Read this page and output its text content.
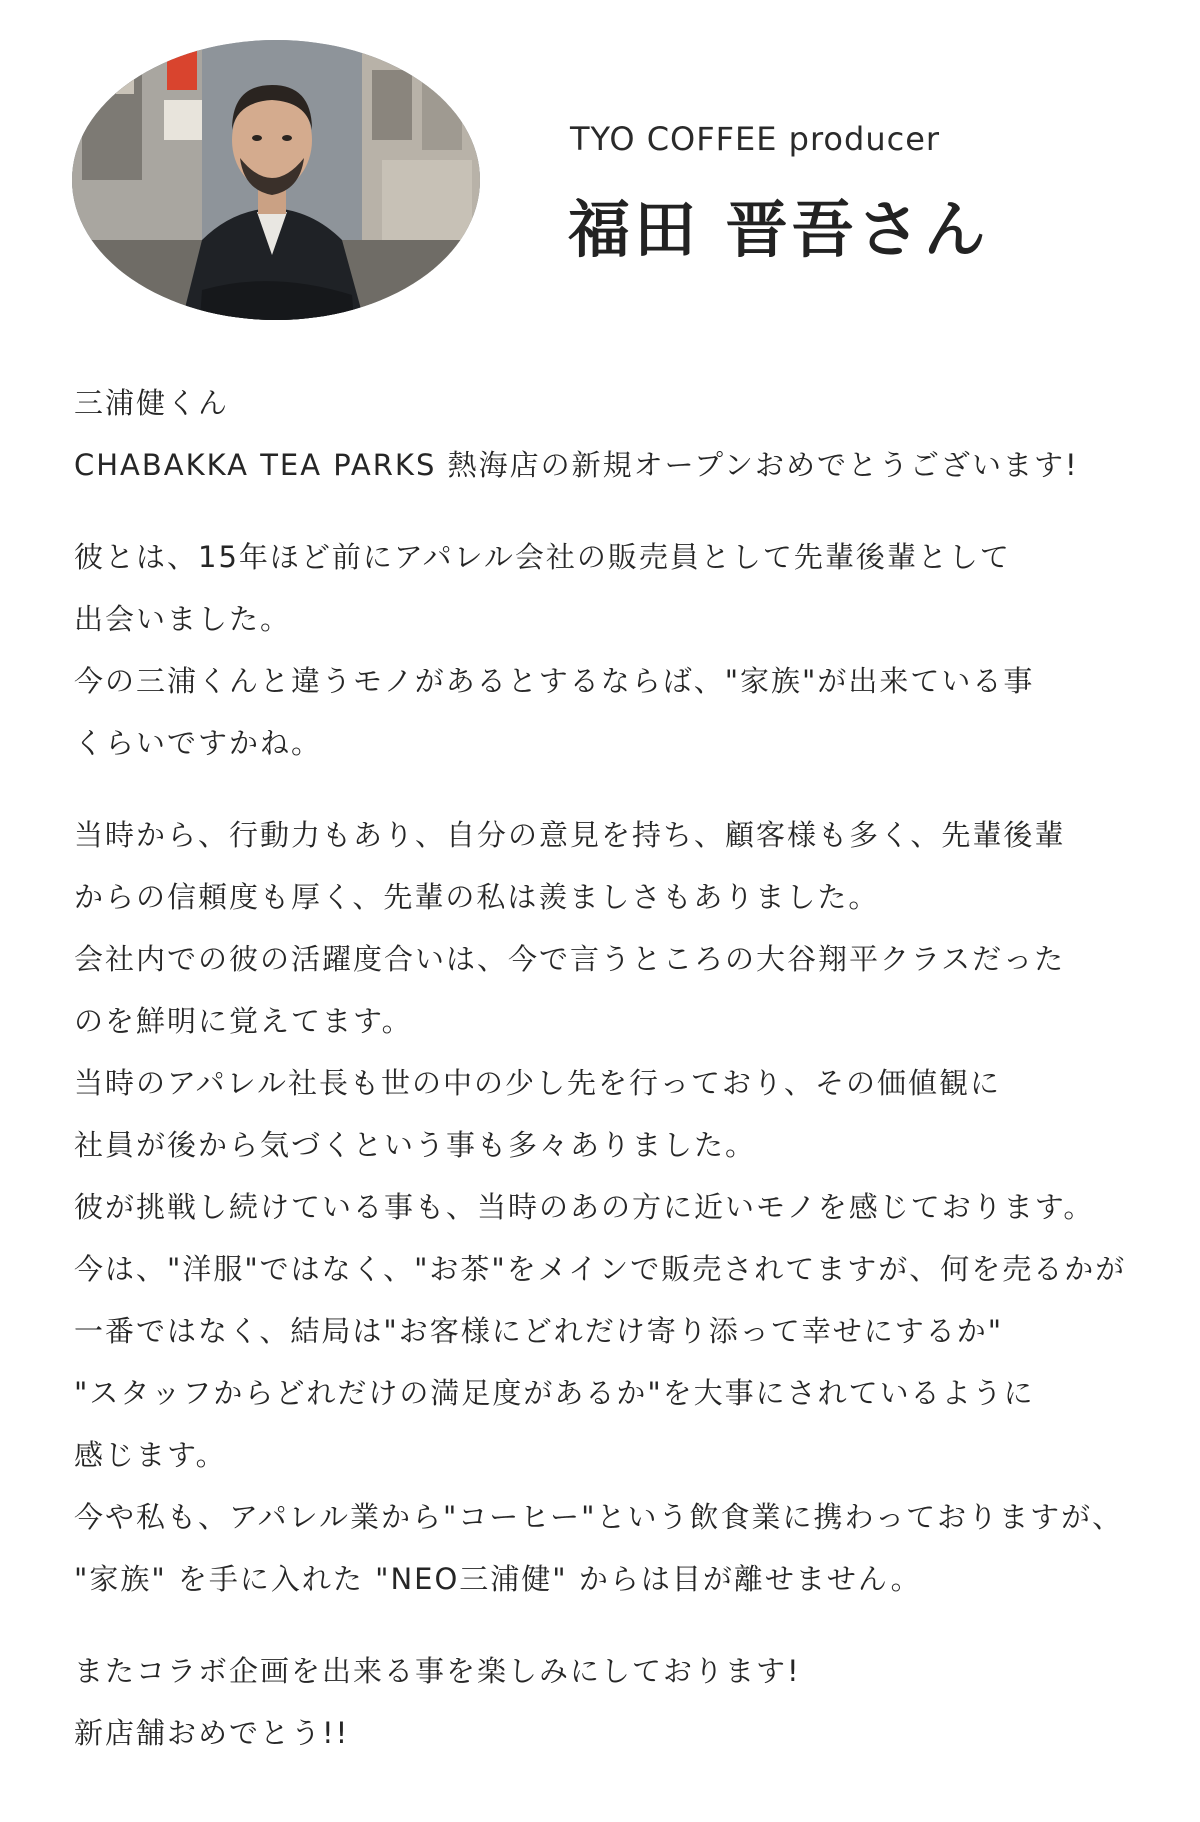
TYO COFFEE producer
福田 晋吾さん
三浦健くん
CHABAKKA TEA PARKS 熱海店の新規オープンおめでとうございます!
彼とは、15年ほど前にアパレル会社の販売員として先輩後輩として
出会いました。
今の三浦くんと違うモノがあるとするならば、"家族"が出来ている事
くらいですかね。
当時から、行動力もあり、自分の意見を持ち、顧客様も多く、先輩後輩
からの信頼度も厚く、先輩の私は羨ましさもありました。
会社内での彼の活躍度合いは、今で言うところの大谷翔平クラスだった
のを鮮明に覚えてます。
当時のアパレル社長も世の中の少し先を行っており、その価値観に
社員が後から気づくという事も多々ありました。
彼が挑戦し続けている事も、当時のあの方に近いモノを感じております。
今は、"洋服"ではなく、"お茶"をメインで販売されてますが、何を売るかが
一番ではなく、結局は"お客様にどれだけ寄り添って幸せにするか"
"スタッフからどれだけの満足度があるか"を大事にされているように
感じます。
今や私も、アパレル業から"コーヒー"という飲食業に携わっておりますが、
"家族" を手に入れた "NEO三浦健" からは目が離せません。
またコラボ企画を出来る事を楽しみにしております!
新店舗おめでとう!!
